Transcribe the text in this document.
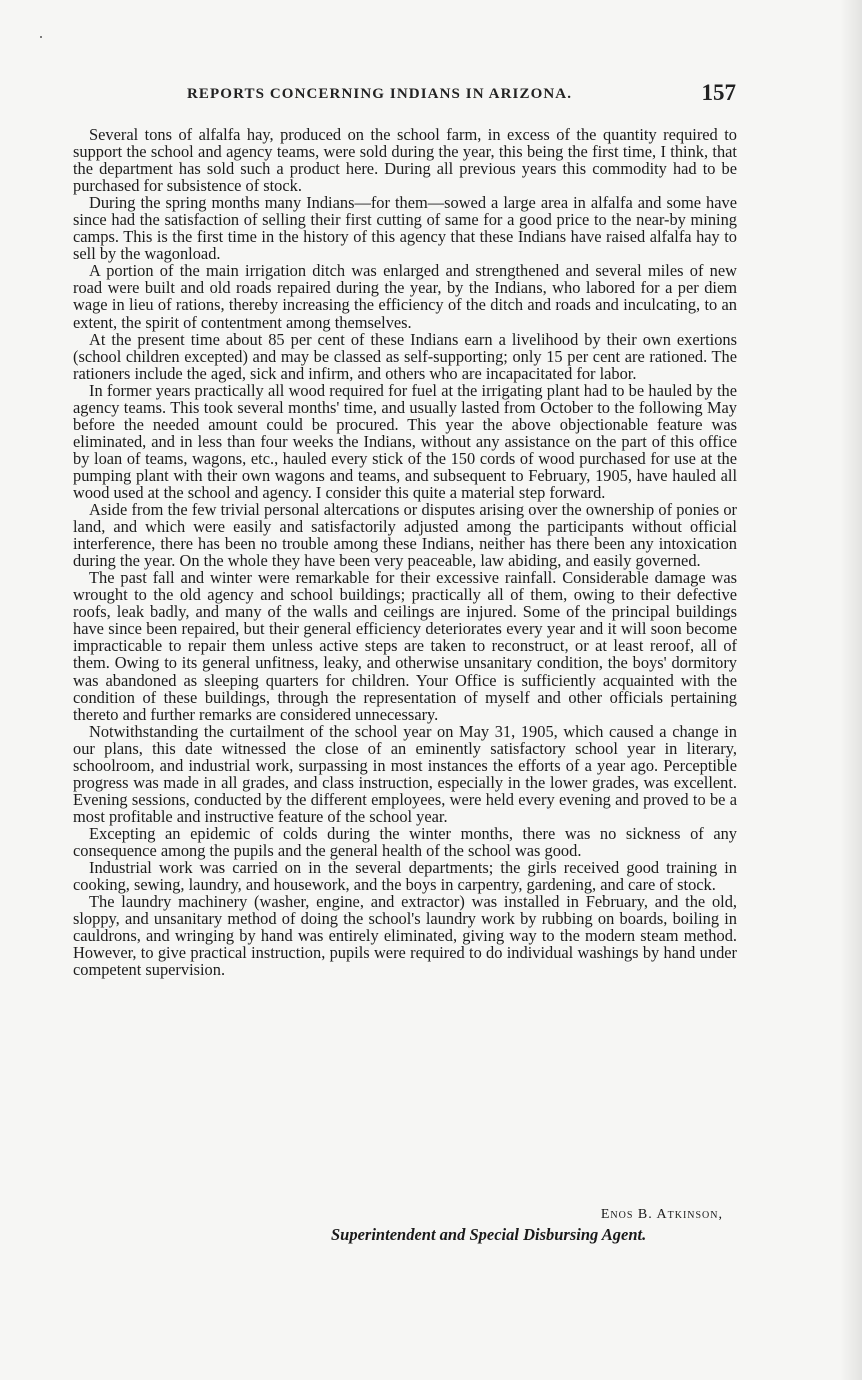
REPORTS CONCERNING INDIANS IN ARIZONA.	157

Several tons of alfalfa hay, produced on the school farm, in excess of the quantity required to support the school and agency teams, were sold during the year, this being the first time, I think, that the department has sold such a product here. During all previous years this commodity had to be purchased for subsistence of stock.

During the spring months many Indians—for them—sowed a large area in alfalfa and some have since had the satisfaction of selling their first cutting of same for a good price to the near-by mining camps. This is the first time in the history of this agency that these Indians have raised alfalfa hay to sell by the wagonload.

A portion of the main irrigation ditch was enlarged and strengthened and several miles of new road were built and old roads repaired during the year, by the Indians, who labored for a per diem wage in lieu of rations, thereby increasing the efficiency of the ditch and roads and inculcating, to an extent, the spirit of contentment among themselves.

At the present time about 85 per cent of these Indians earn a livelihood by their own exertions (school children excepted) and may be classed as self-supporting; only 15 per cent are rationed. The rationers include the aged, sick and infirm, and others who are incapacitated for labor.

In former years practically all wood required for fuel at the irrigating plant had to be hauled by the agency teams. This took several months' time, and usually lasted from October to the following May before the needed amount could be procured. This year the above objectionable feature was eliminated, and in less than four weeks the Indians, without any assistance on the part of this office by loan of teams, wagons, etc., hauled every stick of the 150 cords of wood purchased for use at the pumping plant with their own wagons and teams, and subsequent to February, 1905, have hauled all wood used at the school and agency. I consider this quite a material step forward.

Aside from the few trivial personal altercations or disputes arising over the ownership of ponies or land, and which were easily and satisfactorily adjusted among the participants without official interference, there has been no trouble among these Indians, neither has there been any intoxication during the year. On the whole they have been very peaceable, law abiding, and easily governed.

The past fall and winter were remarkable for their excessive rainfall. Considerable damage was wrought to the old agency and school buildings; practically all of them, owing to their defective roofs, leak badly, and many of the walls and ceilings are injured. Some of the principal buildings have since been repaired, but their general efficiency deteriorates every year and it will soon become impracticable to repair them unless active steps are taken to reconstruct, or at least reroof, all of them. Owing to its general unfitness, leaky, and otherwise unsanitary condition, the boys' dormitory was abandoned as sleeping quarters for children. Your Office is sufficiently acquainted with the condition of these buildings, through the representation of myself and other officials pertaining thereto and further remarks are considered unnecessary.

Notwithstanding the curtailment of the school year on May 31, 1905, which caused a change in our plans, this date witnessed the close of an eminently satisfactory school year in literary, schoolroom, and industrial work, surpassing in most instances the efforts of a year ago. Perceptible progress was made in all grades, and class instruction, especially in the lower grades, was excellent. Evening sessions, conducted by the different employees, were held every evening and proved to be a most profitable and instructive feature of the school year.

Excepting an epidemic of colds during the winter months, there was no sickness of any consequence among the pupils and the general health of the school was good.

Industrial work was carried on in the several departments; the girls received good training in cooking, sewing, laundry, and housework, and the boys in carpentry, gardening, and care of stock.

The laundry machinery (washer, engine, and extractor) was installed in February, and the old, sloppy, and unsanitary method of doing the school's laundry work by rubbing on boards, boiling in cauldrons, and wringing by hand was entirely eliminated, giving way to the modern steam method. However, to give practical instruction, pupils were required to do individual washings by hand under competent supervision.

Enos B. Atkinson,
Superintendent and Special Disbursing Agent.
